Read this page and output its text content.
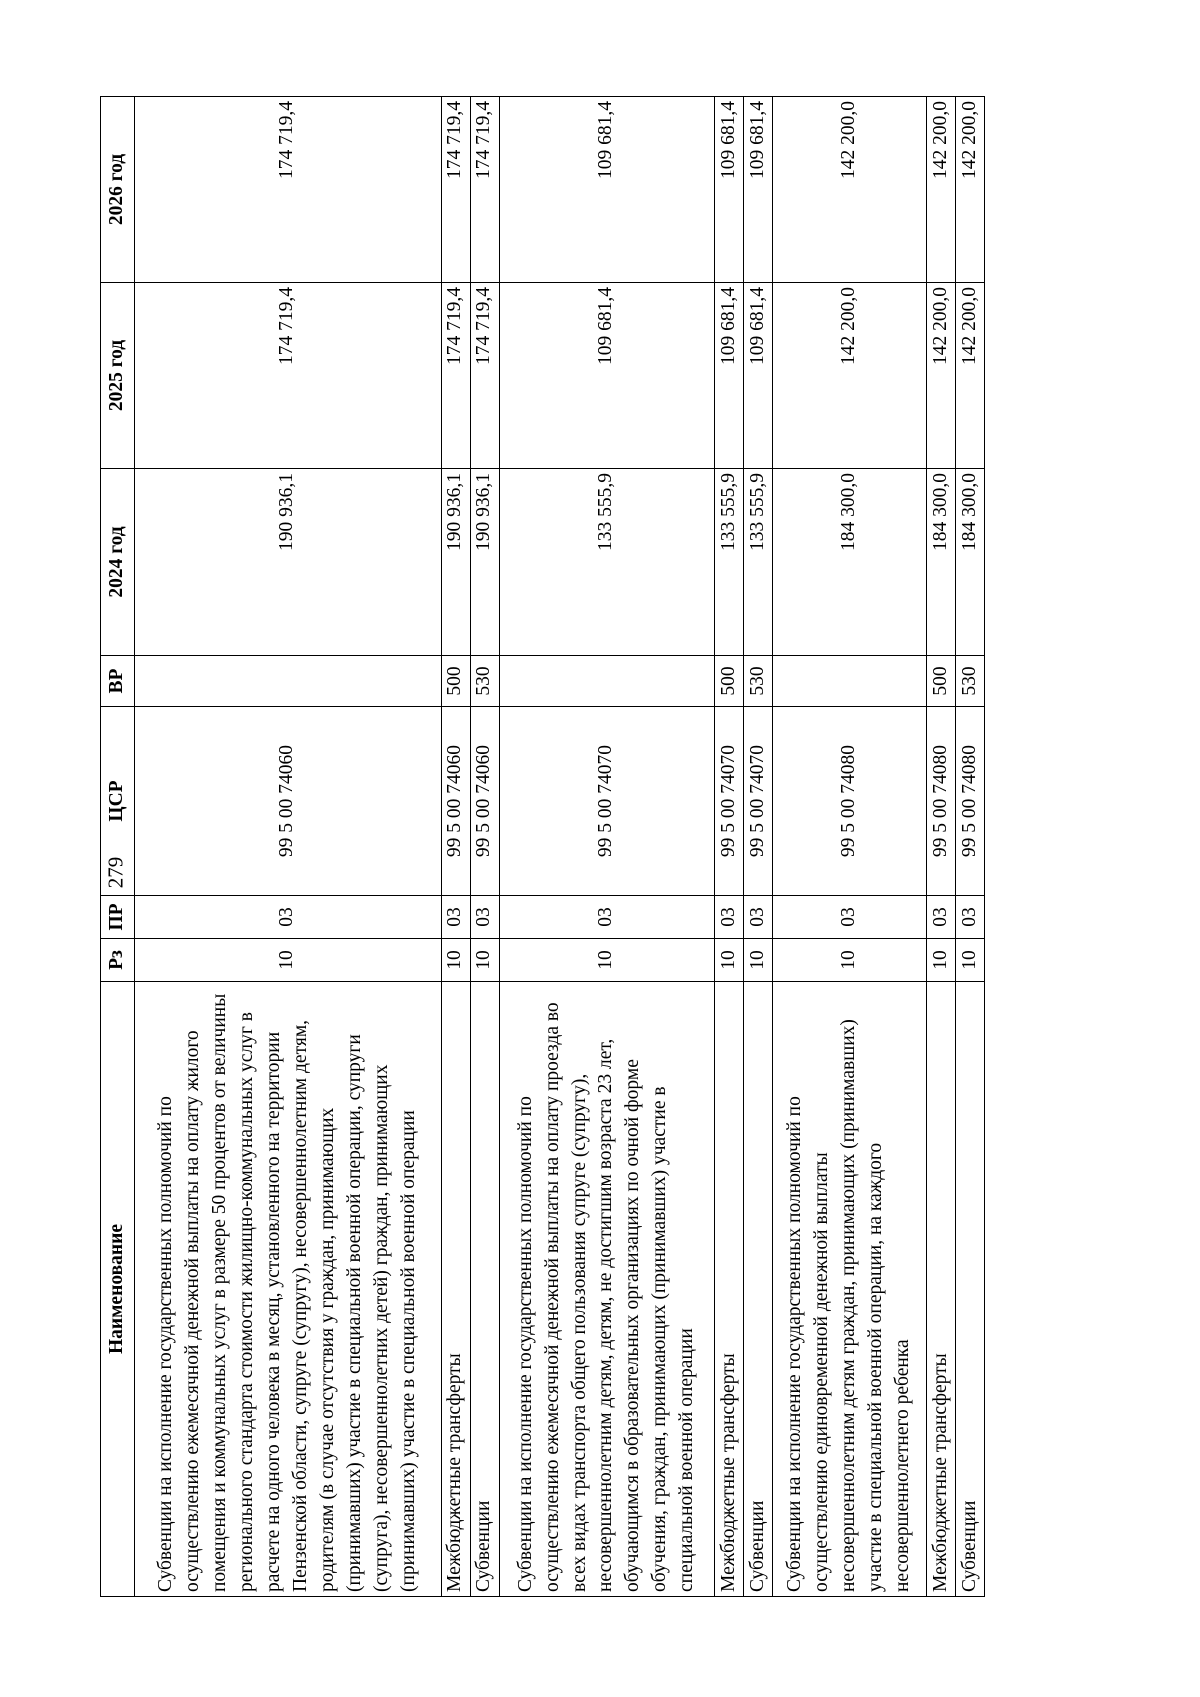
279
Наименование	Рз	ПР	ЦСР	ВР	2024 год	2025 год	2026 год
Субвенции на исполнение государственных полномочий по осуществлению ежемесячной денежной выплаты на оплату жилого помещения и коммунальных услуг в размере 50 процентов от величины регионального стандарта стоимости жилищно-коммунальных услуг в расчете на одного человека в месяц, установленного на территории Пензенской области, супруге (супругу), несовершеннолетним детям, родителям (в случае отсутствия у граждан, принимающих (принимавших) участие в специальной военной операции, супруги (супруга), несовершеннолетних детей) граждан, принимающих (принимавших) участие в специальной военной операции	10	03	99 5 00 74060		190 936,1	174 719,4	174 719,4
Межбюджетные трансферты	10	03	99 5 00 74060	500	190 936,1	174 719,4	174 719,4
Субвенции	10	03	99 5 00 74060	530	190 936,1	174 719,4	174 719,4
Субвенции на исполнение государственных полномочий по осуществлению ежемесячной денежной выплаты на оплату проезда во всех видах транспорта общего пользования супруге (супругу), несовершеннолетним детям, детям, не достигшим возраста 23 лет, обучающимся в образовательных организациях по очной форме обучения, граждан, принимающих (принимавших) участие в специальной военной операции	10	03	99 5 00 74070		133 555,9	109 681,4	109 681,4
Межбюджетные трансферты	10	03	99 5 00 74070	500	133 555,9	109 681,4	109 681,4
Субвенции	10	03	99 5 00 74070	530	133 555,9	109 681,4	109 681,4
Субвенции на исполнение государственных полномочий по осуществлению единовременной денежной выплаты несовершеннолетним детям граждан, принимающих (принимавших) участие в специальной военной операции, на каждого несовершеннолетнего ребенка	10	03	99 5 00 74080		184 300,0	142 200,0	142 200,0
Межбюджетные трансферты	10	03	99 5 00 74080	500	184 300,0	142 200,0	142 200,0
Субвенции	10	03	99 5 00 74080	530	184 300,0	142 200,0	142 200,0
